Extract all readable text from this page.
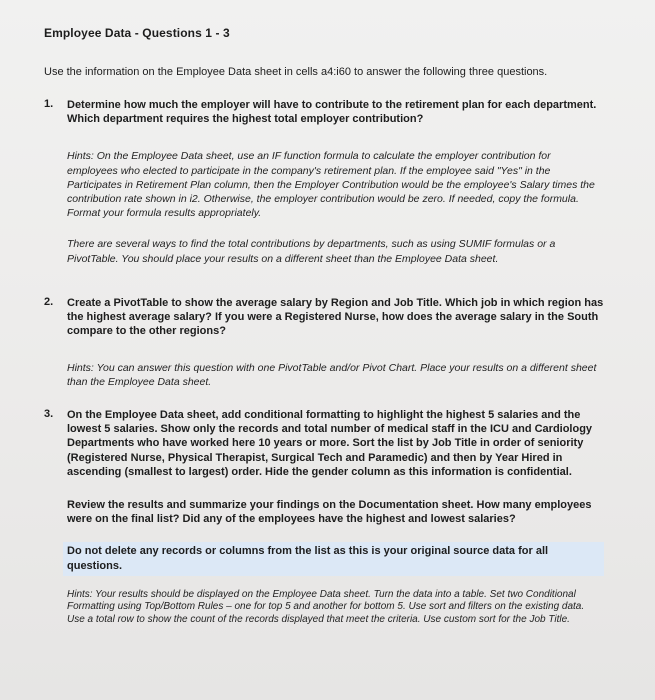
Employee Data - Questions 1 - 3
Use the information on the Employee Data sheet in cells a4:i60 to answer the following three questions.
1.	Determine how much the employer will have to contribute to the retirement plan for each department. Which department requires the highest total employer contribution?

Hints: On the Employee Data sheet, use an IF function formula to calculate the employer contribution for employees who elected to participate in the company's retirement plan. If the employee said "Yes" in the Participates in Retirement Plan column, then the Employer Contribution would be the employee's Salary times the contribution rate shown in i2. Otherwise, the employer contribution would be zero. If needed, copy the formula. Format your formula results appropriately.

There are several ways to find the total contributions by departments, such as using SUMIF formulas or a PivotTable. You should place your results on a different sheet than the Employee Data sheet.

2.	Create a PivotTable to show the average salary by Region and Job Title. Which job in which region has the highest average salary? If you were a Registered Nurse, how does the average salary in the South compare to the other regions?

Hints: You can answer this question with one PivotTable and/or Pivot Chart. Place your results on a different sheet than the Employee Data sheet.

3.	On the Employee Data sheet, add conditional formatting to highlight the highest 5 salaries and the lowest 5 salaries. Show only the records and total number of medical staff in the ICU and Cardiology Departments who have worked here 10 years or more. Sort the list by Job Title in order of seniority (Registered Nurse, Physical Therapist, Surgical Tech and Paramedic) and then by Year Hired in ascending (smallest to largest) order. Hide the gender column as this information is confidential.

Review the results and summarize your findings on the Documentation sheet. How many employees were on the final list? Did any of the employees have the highest and lowest salaries?

Do not delete any records or columns from the list as this is your original source data for all questions.

Hints: Your results should be displayed on the Employee Data sheet. Turn the data into a table. Set two Conditional Formatting using Top/Bottom Rules – one for top 5 and another for bottom 5. Use sort and filters on the existing data. Use a total row to show the count of the records displayed that meet the criteria. Use custom sort for the Job Title.
